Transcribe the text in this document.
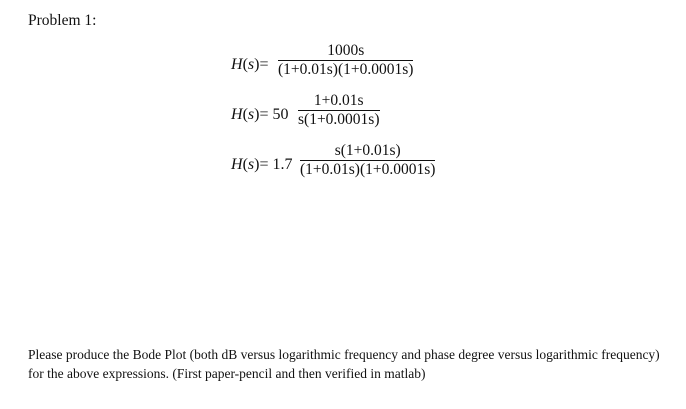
Problem 1:
H(s)=
1000s
(1+0.01s)(1+0.0001s)
H(s)= 50
1+0.01s
s(1+0.0001s)
H(s)= 1.7
s(1+0.01s)
(1+0.01s)(1+0.0001s)
Please produce the Bode Plot (both dB versus logarithmic frequency and phase degree versus logarithmic frequency) for the above expressions. (First paper-pencil and then verified in matlab)
